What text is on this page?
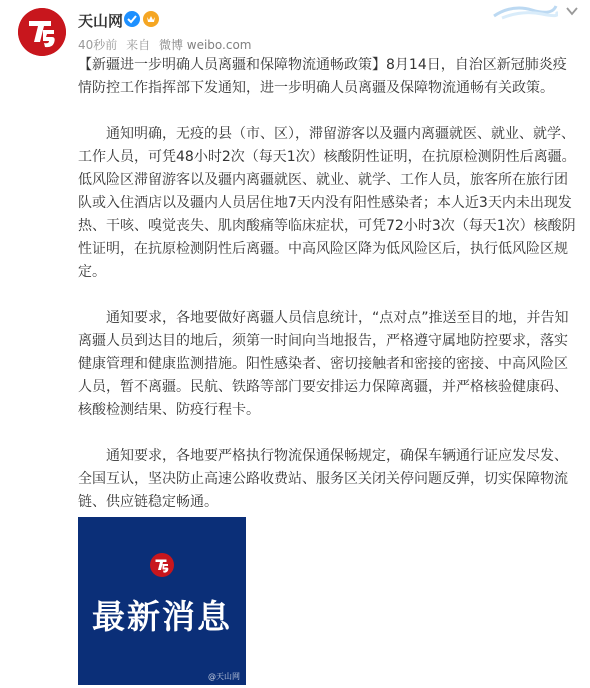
天山网
40秒前 来自 微博 weibo.com

【新疆进一步明确人员离疆和保障物流通畅政策】8月14日，自治区新冠肺炎疫情防控工作指挥部下发通知，进一步明确人员离疆及保障物流通畅有关政策。

通知明确，无疫的县（市、区），滞留游客以及疆内离疆就医、就业、就学、工作人员，可凭48小时2次（每天1次）核酸阴性证明，在抗原检测阴性后离疆。低风险区滞留游客以及疆内离疆就医、就业、就学、工作人员，旅客所在旅行团队或入住酒店以及疆内人员居住地7天内没有阳性感染者；本人近3天内未出现发热、干咳、嗅觉丧失、肌肉酸痛等临床症状，可凭72小时3次（每天1次）核酸阴性证明，在抗原检测阴性后离疆。中高风险区降为低风险区后，执行低风险区规定。

通知要求，各地要做好离疆人员信息统计，“点对点”推送至目的地，并告知离疆人员到达目的地后，须第一时间向当地报告，严格遵守属地防控要求，落实健康管理和健康监测措施。阳性感染者、密切接触者和密接的密接、中高风险区人员，暂不离疆。民航、铁路等部门要安排运力保障离疆，并严格核验健康码、核酸检测结果、防疫行程卡。

通知要求，各地要严格执行物流保通保畅规定，确保车辆通行证应发尽发、全国互认，坚决防止高速公路收费站、服务区关闭关停问题反弹，切实保障物流链、供应链稳定畅通。

最新消息
@天山网
